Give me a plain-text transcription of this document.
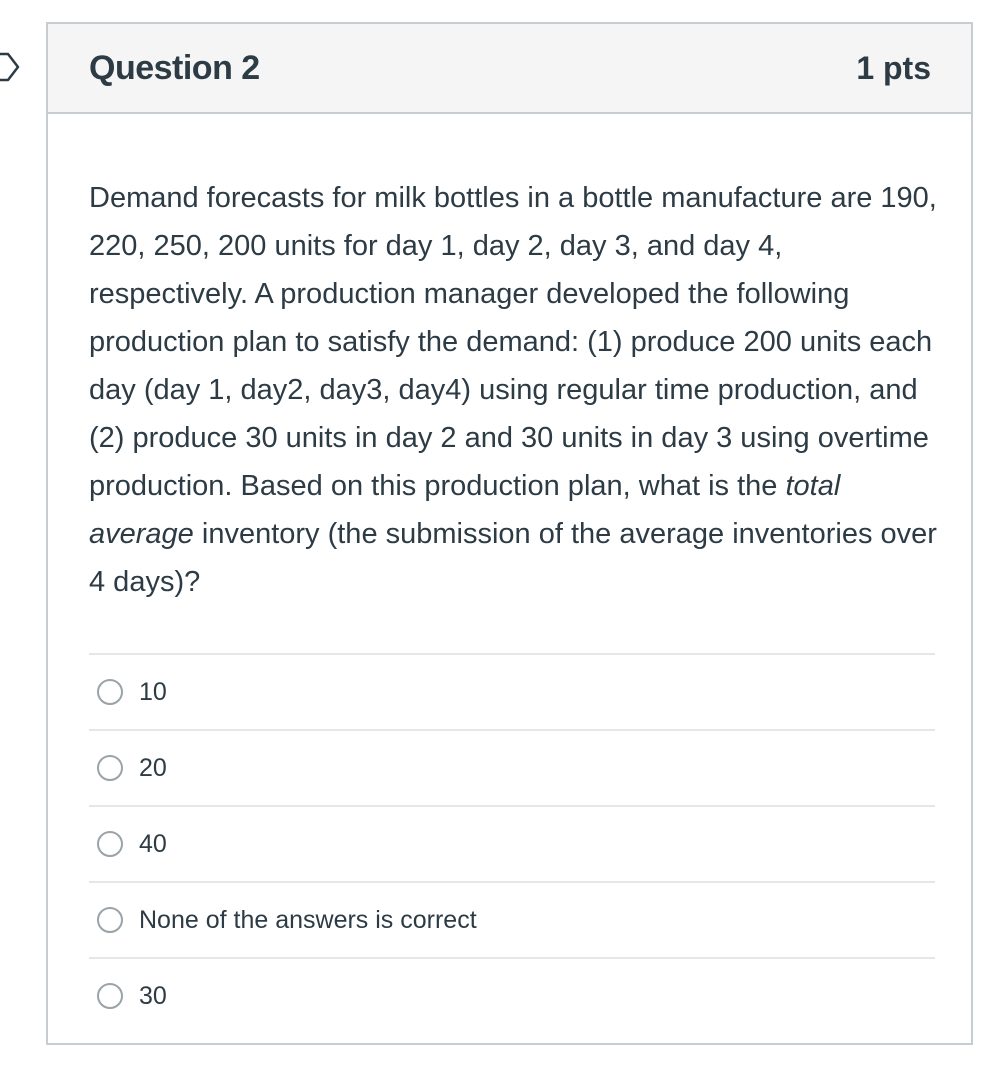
Question 2	1 pts
Demand forecasts for milk bottles in a bottle manufacture are 190, 220, 250, 200 units for day 1, day 2, day 3, and day 4, respectively. A production manager developed the following production plan to satisfy the demand: (1) produce 200 units each day (day 1, day2, day3, day4) using regular time production, and (2) produce 30 units in day 2 and 30 units in day 3 using overtime production. Based on this production plan, what is the total average inventory (the submission of the average inventories over 4 days)?
10
20
40
None of the answers is correct
30
